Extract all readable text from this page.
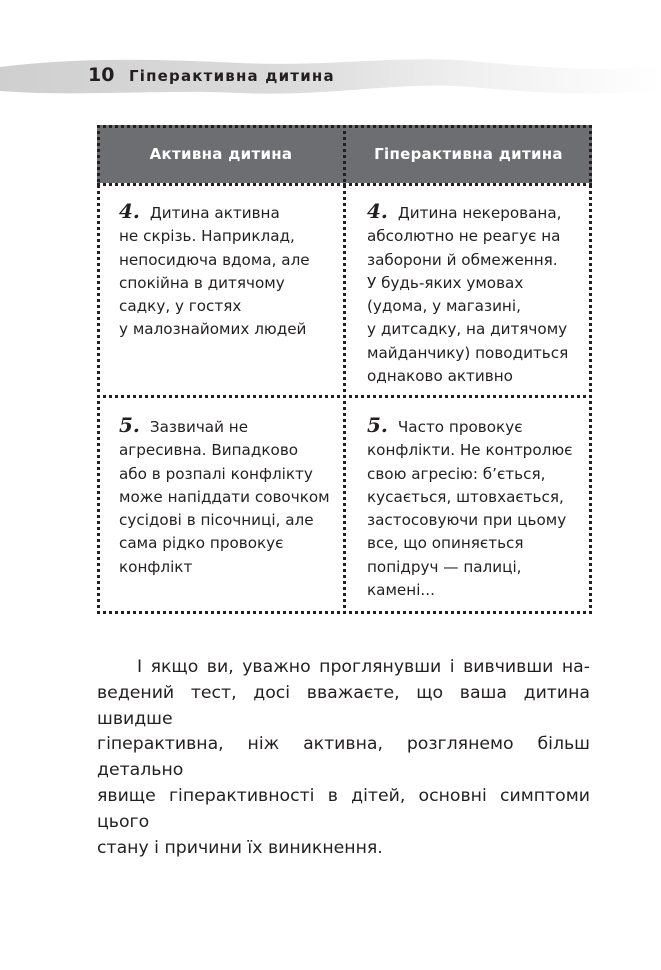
10 Гіперактивна дитина
Активна дитина	Гіперактивна дитина
4. Дитина активна
не скрізь. Наприклад,
непосидюча вдома, але
спокійна в дитячому
садку, у гостях
у малознайомих людей
4. Дитина некерована,
абсолютно не реагує на
заборони й обмеження.
У будь-яких умовах
(удома, у магазині,
у дитсадку, на дитячому
майданчику) поводиться
однаково активно
5. Зазвичай не
агресивна. Випадково
або в розпалі конфлікту
може напіддати совочком
сусідові в пісочниці, але
сама рідко провокує
конфлікт
5. Часто провокує
конфлікти. Не контролює
свою агресію: б’ється,
кусається, штовхається,
застосовуючи при цьому
все, що опиняється
попідруч — палиці,
камені...
І якщо ви, уважно проглянувши і вивчивши на-
ведений тест, досі вважаєте, що ваша дитина швидше
гіперактивна, ніж активна, розглянемо більш детально
явище гіперактивності в дітей, основні симптоми цього
стану і причини їх виникнення.
